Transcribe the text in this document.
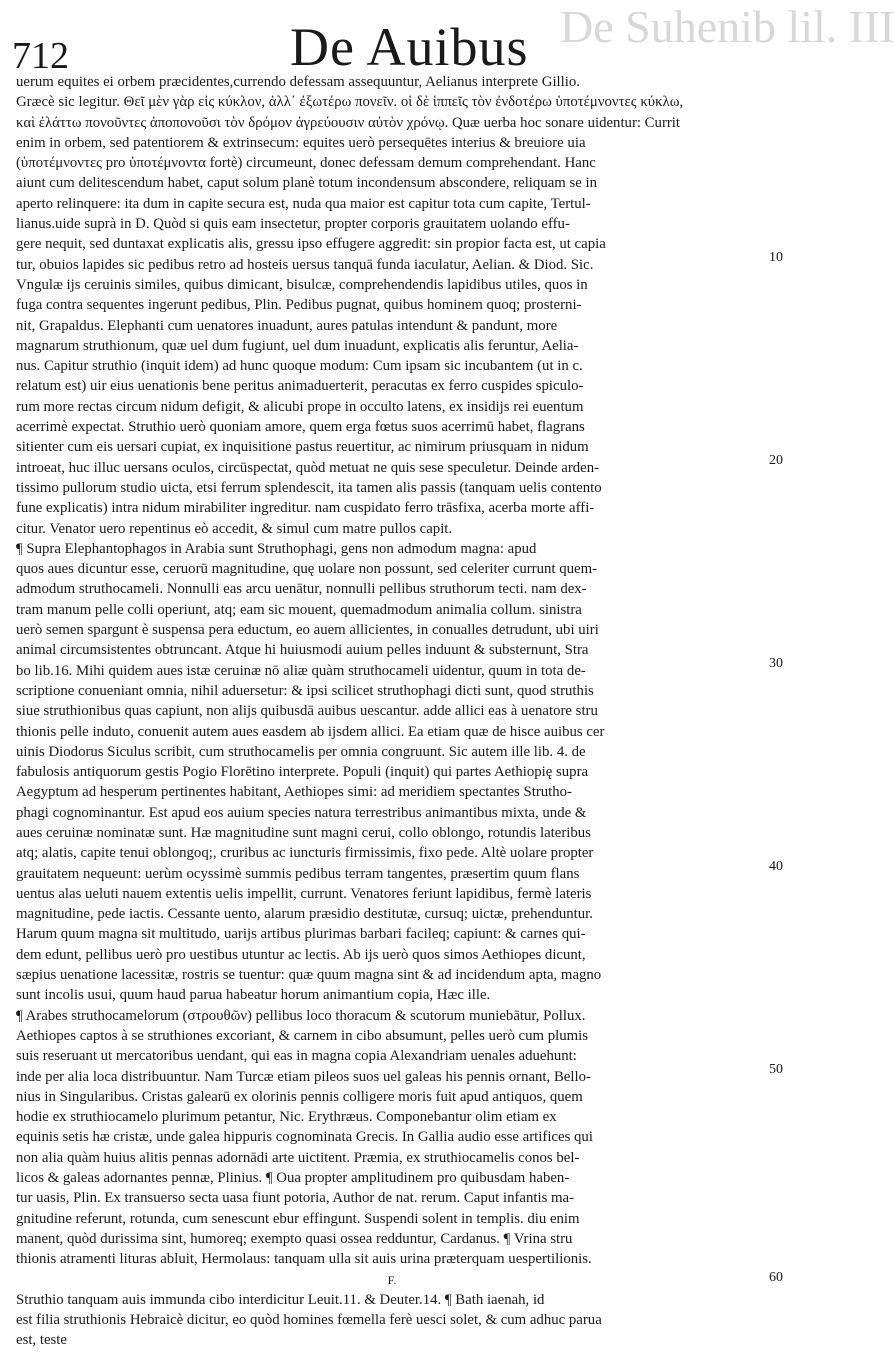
De Suhenib lil. III
712	De Auibus
uerum equites ei orbem præcidentes,currendo defessam assequuntur, Aelianus interprete Gillio.
Græcè sic legitur. Θεῖ μὲν γὰρ εἰς κύκλον, ἀλλ᾽ ἐξωτέρω πονεῖν. οἱ δὲ ἱππεῖς τὸν ἐνδοτέρω ὑποτέμνοντες κύκλω,
καὶ ἐλάττω πονοῦντες ἀποπονοῦσι τὸν δρόμον ἀγρεύουσιν αὐτὸν χρόνῳ. Quæ uerba hoc sonare uidentur: Currit
enim in orbem, sed patentiorem & extrinsecum: equites uerò persequētes interius & breuiore uia
(ὑποτέμνοντες pro ὑποτέμνοντα fortè) circumeunt, donec defessam demum comprehendant. Hanc
aiunt cum delitescendum habet, caput solum planè totum incondensum abscondere, reliquam se in
aperto relinquere: ita dum in capite secura est, nuda qua maior est capitur tota cum capite, Tertul-
lianus.uide suprà in D. Quòd si quis eam insectetur, propter corporis grauitatem uolando effu-
gere nequit, sed duntaxat explicatis alis, gressu ipso effugere aggredit: sin propior facta est, ut capia
tur, obuios lapides sic pedibus retro ad hosteis uersus tanquā funda iaculatur, Aelian. & Diod. Sic.
Vngulæ ijs ceruinis similes, quibus dimicant, bisulcæ, comprehendendis lapidibus utiles, quos in
fuga contra sequentes ingerunt pedibus, Plin. Pedibus pugnat, quibus hominem quoq; prosterni-
nit, Grapaldus. Elephanti cum uenatores inuadunt, aures patulas intendunt & pandunt, more
magnarum struthionum, quæ uel dum fugiunt, uel dum inuadunt, explicatis alis feruntur, Aelia-
nus. Capitur struthio (inquit idem) ad hunc quoque modum: Cum ipsam sic incubantem (ut in c.
relatum est) uir eius uenationis bene peritus animaduerterit, peracutas ex ferro cuspides spiculo-
rum more rectas circum nidum defigit, & alicubi prope in occulto latens, ex insidijs rei euentum
acerrimè expectat. Struthio uerò quoniam amore, quem erga fœtus suos acerrimū habet, flagrans
sitienter cum eis uersari cupiat, ex inquisitione pastus reuertitur, ac nimirum priusquam in nidum
introeat, huc illuc uersans oculos, circūspectat, quòd metuat ne quis sese speculetur. Deinde arden-
tissimo pullorum studio uicta, etsi ferrum splendescit, ita tamen alis passis (tanquam uelis contento
fune explicatis) intra nidum mirabiliter ingreditur. nam cuspidato ferro trāsfixa, acerba morte affi-
citur. Venator uero repentinus eò accedit, & simul cum matre pullos capit.
¶ Supra Elephantophagos in Arabia sunt Struthophagi, gens non admodum magna: apud
quos aues dicuntur esse, ceruorū magnitudine, quę uolare non possunt, sed celeriter currunt quem-
admodum struthocameli. Nonnulli eas arcu uenātur, nonnulli pellibus struthorum tecti. nam dex-
tram manum pelle colli operiunt, atq; eam sic mouent, quemadmodum animalia collum. sinistra
uerò semen spargunt è suspensa pera eductum, eo auem allicientes, in conualles detrudunt, ubi uiri
animal circumsistentes obtruncant. Atque hi huiusmodi auium pelles induunt & substernunt, Stra
bo lib.16. Mihi quidem aues istæ ceruinæ nō aliæ quàm struthocameli uidentur, quum in tota de-
scriptione conueniant omnia, nihil aduersetur: & ipsi scilicet struthophagi dicti sunt, quod struthis
siue struthionibus quas capiunt, non alijs quibusdā auibus uescantur. adde allici eas à uenatore stru
thionis pelle induto, conuenit autem aues easdem ab ijsdem allici. Ea etiam quæ de hisce auibus cer
uinis Diodorus Siculus scribit, cum struthocamelis per omnia congruunt. Sic autem ille lib. 4. de
fabulosis antiquorum gestis Pogio Florētino interprete. Populi (inquit) qui partes Aethiopię supra
Aegyptum ad hesperum pertinentes habitant, Aethiopes simi: ad meridiem spectantes Strutho-
phagi cognominantur. Est apud eos auium species natura terrestribus animantibus mixta, unde &
aues ceruinæ nominatæ sunt. Hæ magnitudine sunt magni cerui, collo oblongo, rotundis lateribus
atq; alatis, capite tenui oblongoq;, cruribus ac iuncturis firmissimis, fixo pede. Altè uolare propter
grauitatem nequeunt: uerùm ocyssimè summis pedibus terram tangentes, præsertim quum flans
uentus alas ueluti nauem extentis uelis impellit, currunt. Venatores feriunt lapidibus, fermè lateris
magnitudine, pede iactis. Cessante uento, alarum præsidio destitutæ, cursuq; uictæ, prehenduntur.
Harum quum magna sit multitudo, uarijs artibus plurimas barbari facileq; capiunt: & carnes qui-
dem edunt, pellibus uerò pro uestibus utuntur ac lectis. Ab ijs uerò quos simos Aethiopes dicunt,
sæpius uenatione lacessitæ, rostris se tuentur: quæ quum magna sint & ad incidendum apta, magno
sunt incolis usui, quum haud parua habeatur horum animantium copia, Hæc ille.
¶ Arabes struthocamelorum (στρουθῶν) pellibus loco thoracum & scutorum muniebātur, Pollux.
Aethiopes captos à se struthiones excoriant, & carnem in cibo absumunt, pelles uerò cum plumis
suis reseruant ut mercatoribus uendant, qui eas in magna copia Alexandriam uenales aduehunt:
inde per alia loca distribuuntur. Nam Turcæ etiam pileos suos uel galeas his pennis ornant, Bello-
nius in Singularibus. Cristas galearū ex olorinis pennis colligere moris fuit apud antiquos, quem
hodie ex struthiocamelo plurimum petantur, Nic. Erythræus. Componebantur olim etiam ex
equinis setis hæ cristæ, unde galea hippuris cognominata Grecis. In Gallia audio esse artifices qui
non alia quàm huius alitis pennas adornādi arte uictitent. Præmia, ex struthiocamelis conos bel-
licos & galeas adornantes pennæ, Plinius. ¶ Oua propter amplitudinem pro quibusdam haben-
tur uasis, Plin. Ex transuerso secta uasa fiunt potoria, Author de nat. rerum. Caput infantis ma-
gnitudine referunt, rotunda, cum senescunt ebur effingunt. Suspendi solent in templis. diu enim
manent, quòd durissima sint, humoreq; exempto quasi ossea redduntur, Cardanus. ¶ Vrina stru
thionis atramenti lituras abluit, Hermolaus: tanquam ulla sit auis urina præterquam uespertilionis.
F.
Struthio tanquam auis immunda cibo interdicitur Leuit.11. & Deuter.14. ¶ Bath iaenah, id
est filia struthionis Hebraicè dicitur, eo quòd homines fœmella ferè uesci solet, & cum adhuc parua
est, teste
10
20
30
40
50
60
